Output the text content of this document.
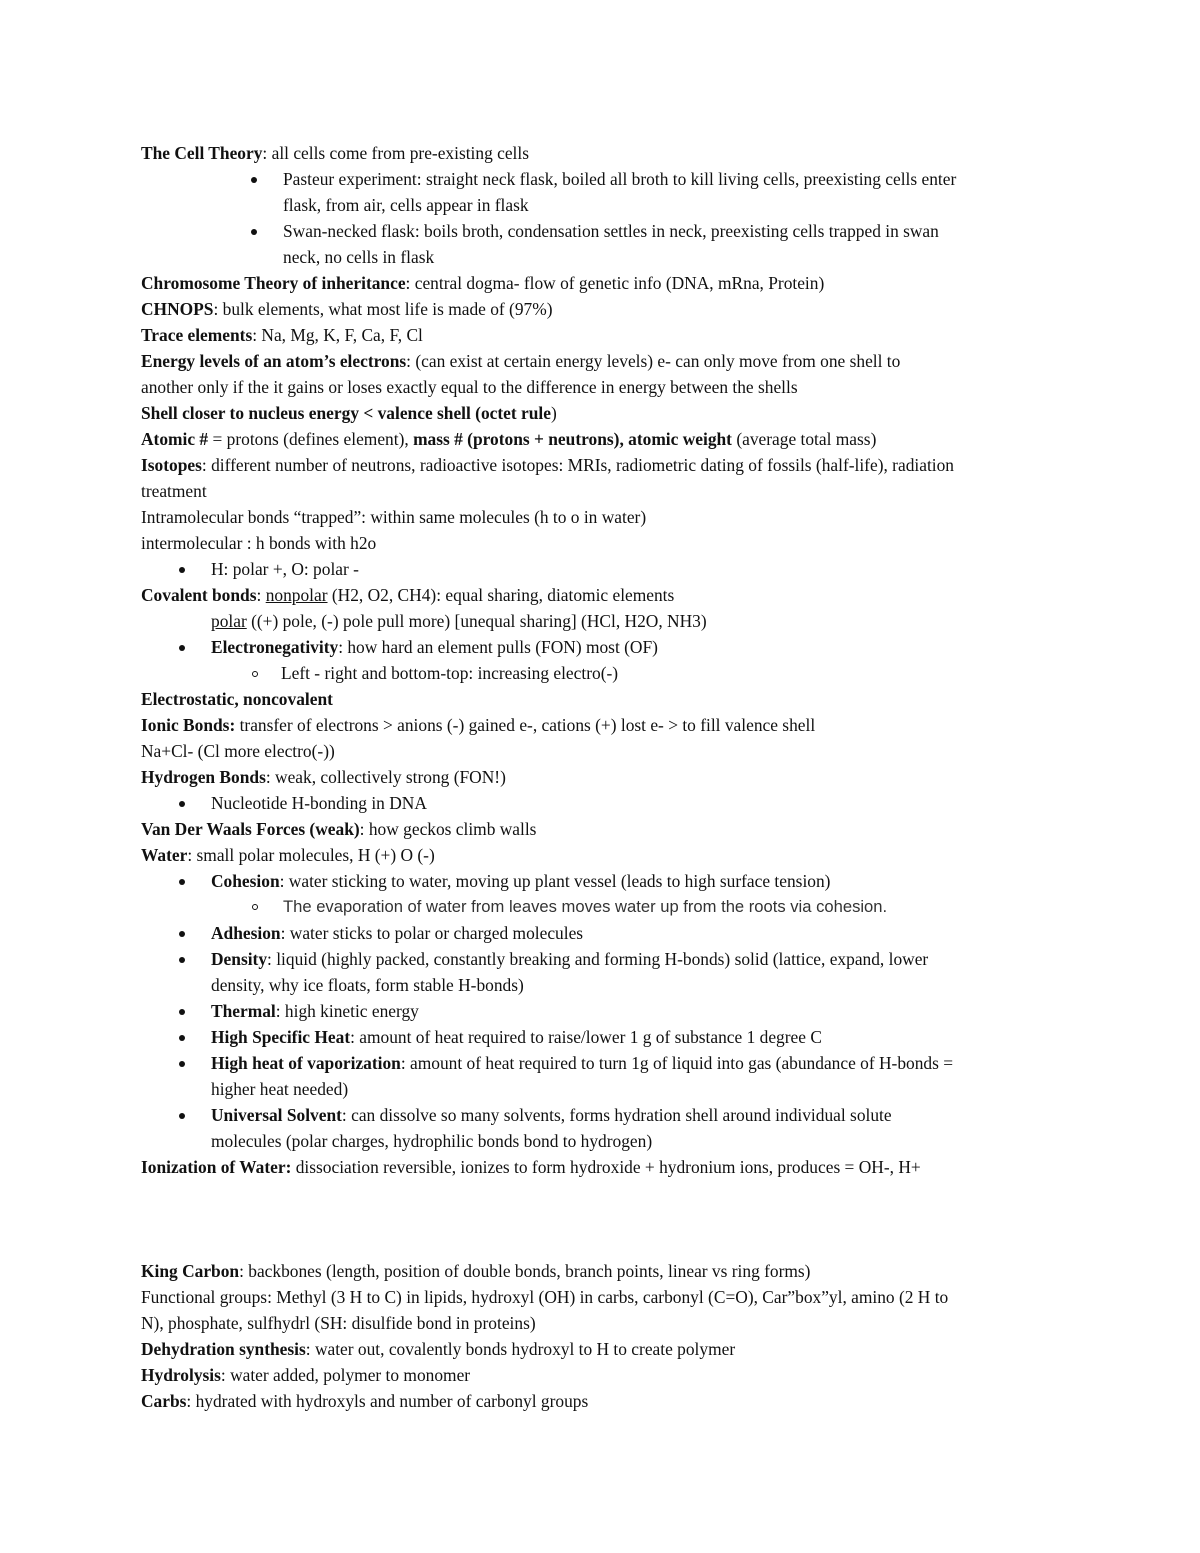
The Cell Theory: all cells come from pre-existing cells
Pasteur experiment: straight neck flask, boiled all broth to kill living cells, preexisting cells enter
flask, from air, cells appear in flask
Swan-necked flask: boils broth, condensation settles in neck, preexisting cells trapped in swan
neck, no cells in flask
Chromosome Theory of inheritance: central dogma- flow of genetic info (DNA, mRna, Protein)
CHNOPS: bulk elements, what most life is made of (97%)
Trace elements: Na, Mg, K, F, Ca, F, Cl
Energy levels of an atom’s electrons: (can exist at certain energy levels) e- can only move from one shell to
another only if the it gains or loses exactly equal to the difference in energy between the shells
Shell closer to nucleus energy < valence shell (octet rule)
Atomic # = protons (defines element), mass # (protons + neutrons), atomic weight (average total mass)
Isotopes: different number of neutrons, radioactive isotopes: MRIs, radiometric dating of fossils (half-life), radiation
treatment
Intramolecular bonds “trapped”: within same molecules (h to o in water)
intermolecular : h bonds with h2o
H: polar +, O: polar -
Covalent bonds: nonpolar (H2, O2, CH4): equal sharing, diatomic elements
polar ((+) pole, (-) pole pull more) [unequal sharing] (HCl, H2O, NH3)
Electronegativity: how hard an element pulls (FON) most (OF)
Left - right and bottom-top: increasing electro(-)
Electrostatic, noncovalent
Ionic Bonds: transfer of electrons > anions (-) gained e-, cations (+) lost e- > to fill valence shell
Na+Cl- (Cl more electro(-))
Hydrogen Bonds: weak, collectively strong (FON!)
Nucleotide H-bonding in DNA
Van Der Waals Forces (weak): how geckos climb walls
Water: small polar molecules, H (+) O (-)
Cohesion: water sticking to water, moving up plant vessel (leads to high surface tension)
The evaporation of water from leaves moves water up from the roots via cohesion.
Adhesion: water sticks to polar or charged molecules
Density: liquid (highly packed, constantly breaking and forming H-bonds) solid (lattice, expand, lower
density, why ice floats, form stable H-bonds)
Thermal: high kinetic energy
High Specific Heat: amount of heat required to raise/lower 1 g of substance 1 degree C
High heat of vaporization: amount of heat required to turn 1g of liquid into gas (abundance of H-bonds =
higher heat needed)
Universal Solvent: can dissolve so many solvents, forms hydration shell around individual solute
molecules (polar charges, hydrophilic bonds bond to hydrogen)
Ionization of Water: dissociation reversible, ionizes to form hydroxide + hydronium ions, produces = OH-, H+
King Carbon: backbones (length, position of double bonds, branch points, linear vs ring forms)
Functional groups: Methyl (3 H to C) in lipids, hydroxyl (OH) in carbs, carbonyl (C=O), Car”box”yl, amino (2 H to
N), phosphate, sulfhydrl (SH: disulfide bond in proteins)
Dehydration synthesis: water out, covalently bonds hydroxyl to H to create polymer
Hydrolysis: water added, polymer to monomer
Carbs: hydrated with hydroxyls and number of carbonyl groups
